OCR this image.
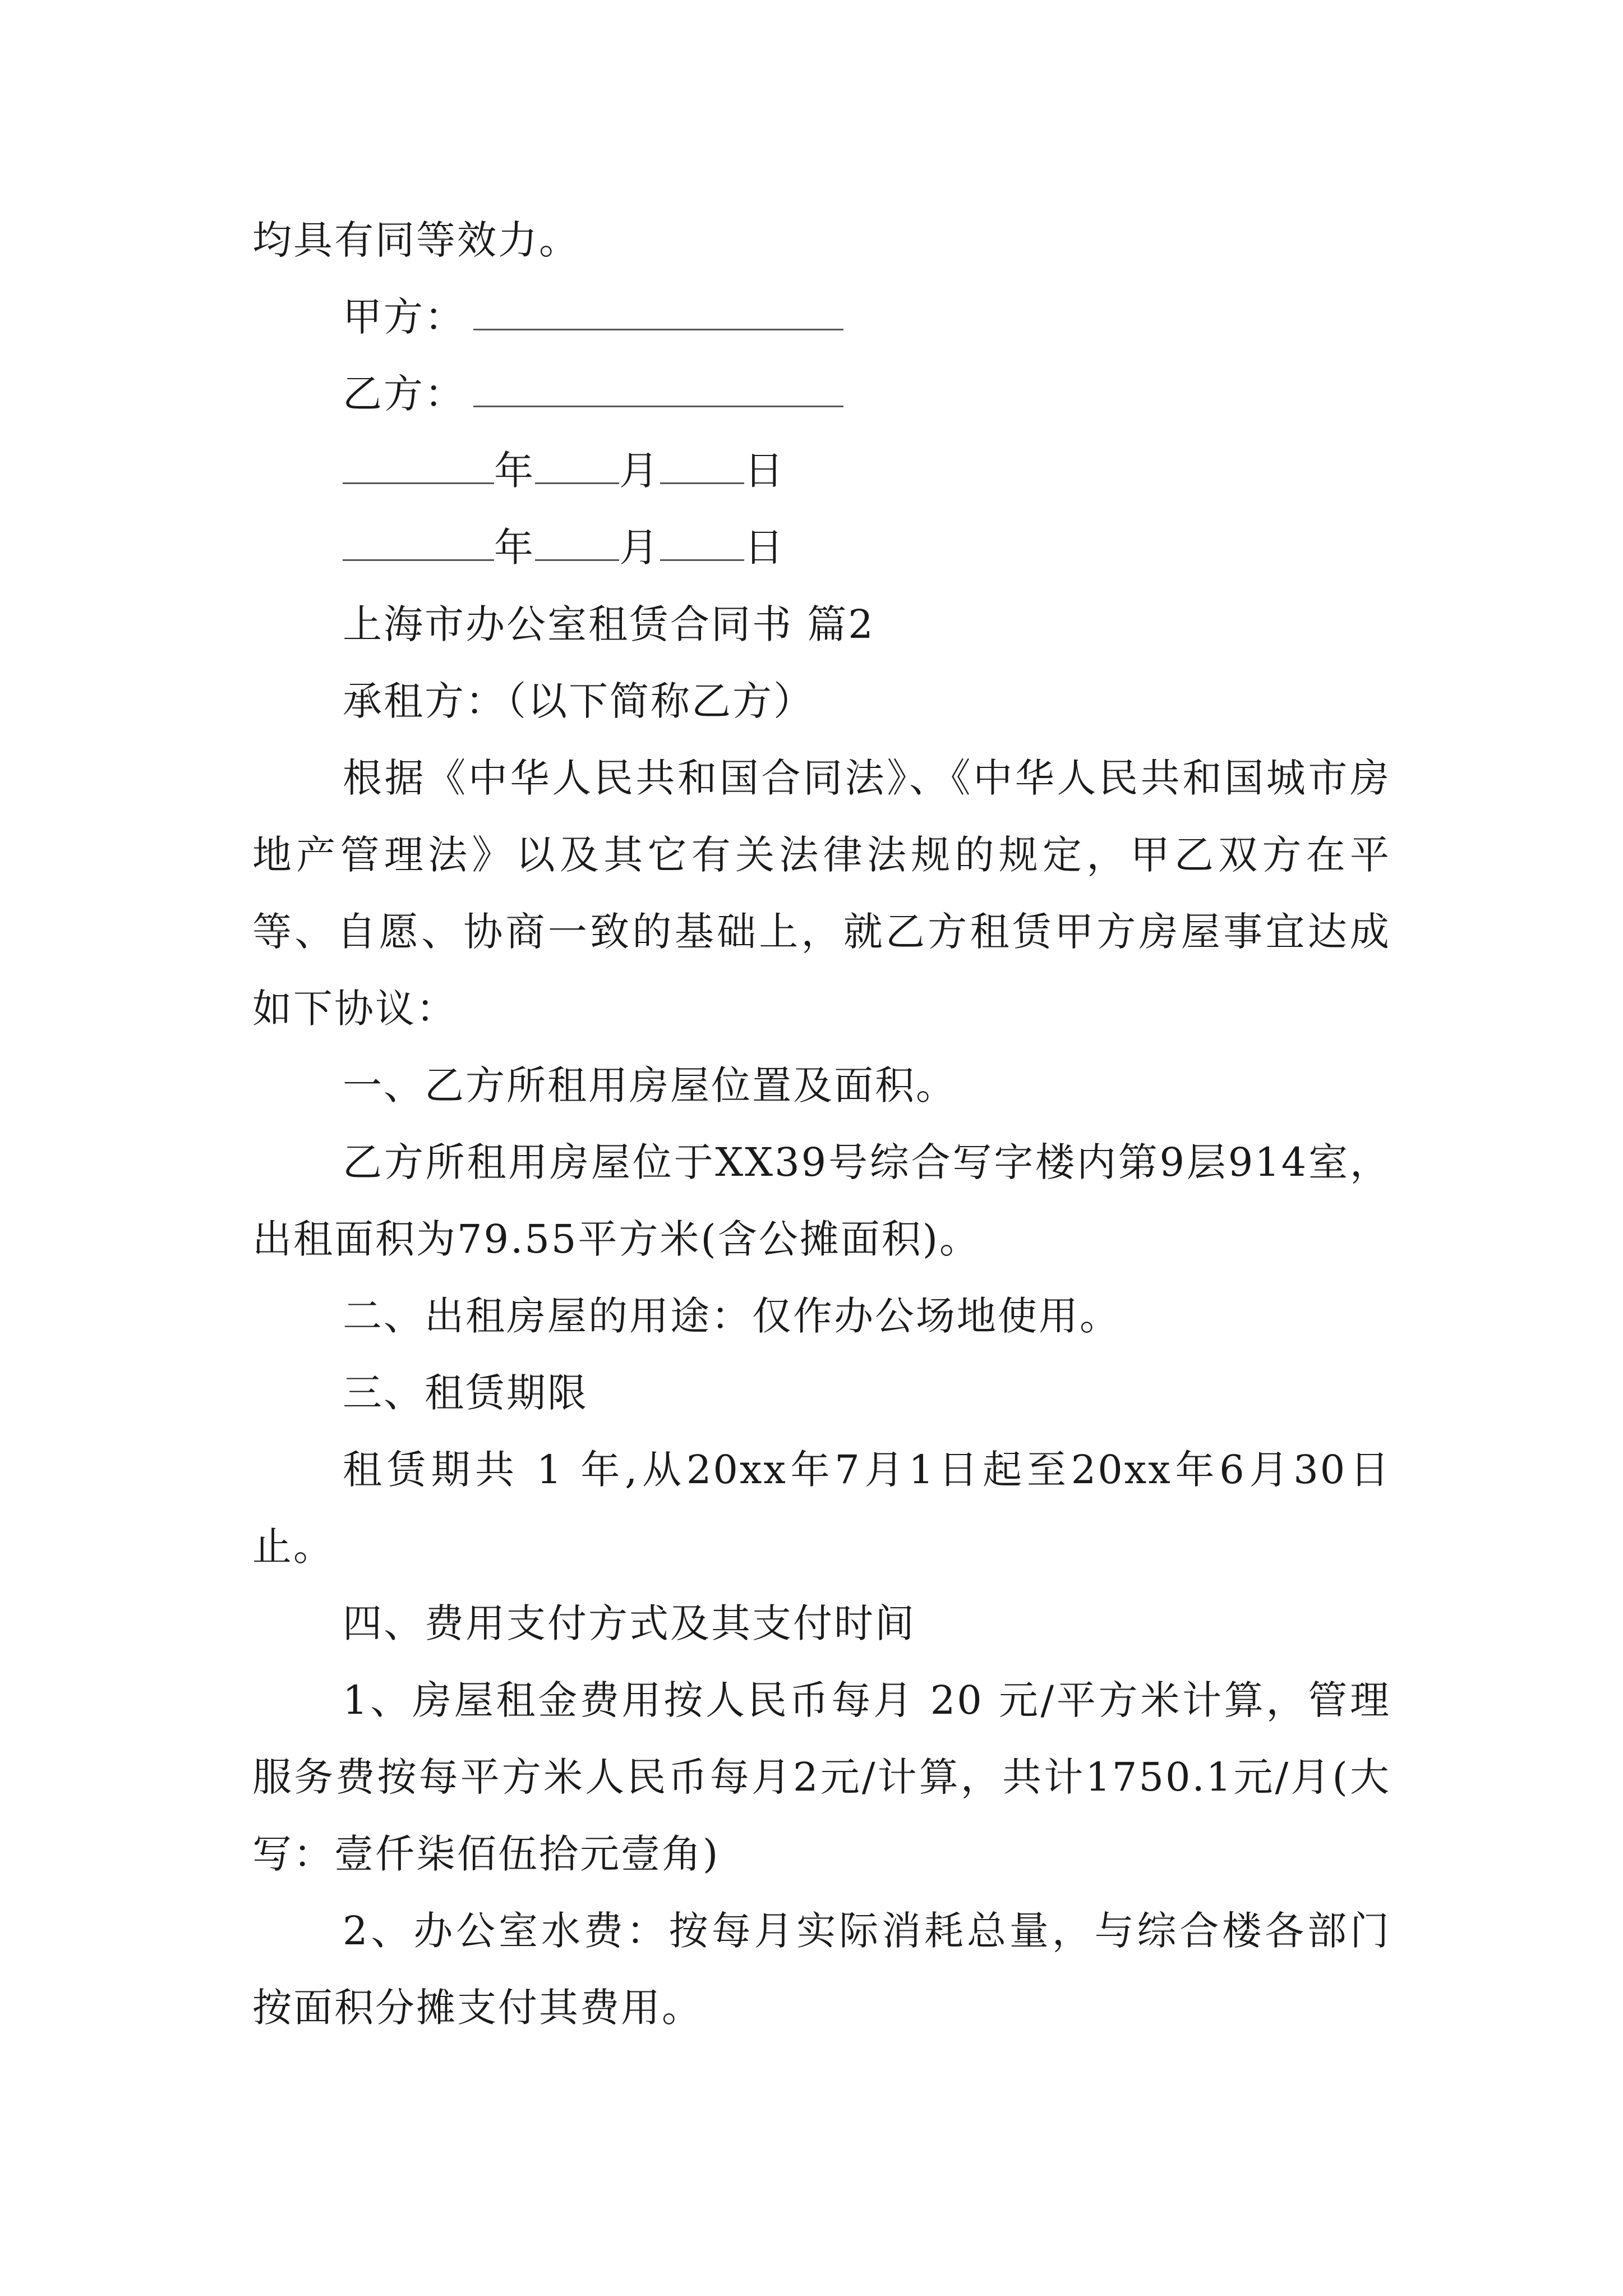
均具有同等效力。

甲方：

乙方：

年 月 日

年 月 日

上海市办公室租赁合同书 篇2

承租方：（以下简称乙方）

根据《中华人民共和国合同法》、《中华人民共和国城市房地产管理法》以及其它有关法律法规的规定，甲乙双方在平等、自愿、协商一致的基础上，就乙方租赁甲方房屋事宜达成如下协议：

一、乙方所租用房屋位置及面积。

乙方所租用房屋位于XX39号综合写字楼内第9层914室，出租面积为79.55平方米(含公摊面积)。

二、出租房屋的用途：仅作办公场地使用。

三、租赁期限

租赁期共 1 年,从20xx年7月1日起至20xx年6月30日止。

四、费用支付方式及其支付时间

1、房屋租金费用按人民币每月 20 元/平方米计算，管理服务费按每平方米人民币每月2元/计算，共计1750.1元/月(大写：壹仟柒佰伍拾元壹角)

2、办公室水费：按每月实际消耗总量，与综合楼各部门按面积分摊支付其费用。
